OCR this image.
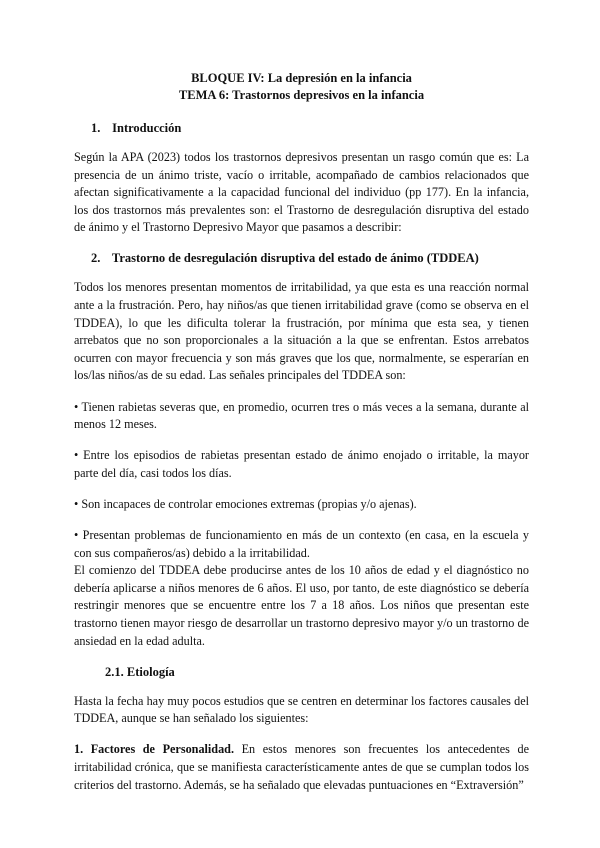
BLOQUE IV: La depresión en la infancia
TEMA 6: Trastornos depresivos en la infancia
1. Introducción
Según la APA (2023) todos los trastornos depresivos presentan un rasgo común que es: La presencia de un ánimo triste, vacío o irritable, acompañado de cambios relacionados que afectan significativamente a la capacidad funcional del individuo (pp 177). En la infancia, los dos trastornos más prevalentes son: el Trastorno de desregulación disruptiva del estado de ánimo y el Trastorno Depresivo Mayor que pasamos a describir:
2. Trastorno de desregulación disruptiva del estado de ánimo (TDDEA)
Todos los menores presentan momentos de irritabilidad, ya que esta es una reacción normal ante a la frustración. Pero, hay niños/as que tienen irritabilidad grave (como se observa en el TDDEA), lo que les dificulta tolerar la frustración, por mínima que esta sea, y tienen arrebatos que no son proporcionales a la situación a la que se enfrentan. Estos arrebatos ocurren con mayor frecuencia y son más graves que los que, normalmente, se esperarían en los/las niños/as de su edad. Las señales principales del TDDEA son:
• Tienen rabietas severas que, en promedio, ocurren tres o más veces a la semana, durante al menos 12 meses.
• Entre los episodios de rabietas presentan estado de ánimo enojado o irritable, la mayor parte del día, casi todos los días.
• Son incapaces de controlar emociones extremas (propias y/o ajenas).
• Presentan problemas de funcionamiento en más de un contexto (en casa, en la escuela y con sus compañeros/as) debido a la irritabilidad.
El comienzo del TDDEA debe producirse antes de los 10 años de edad y el diagnóstico no debería aplicarse a niños menores de 6 años. El uso, por tanto, de este diagnóstico se debería restringir menores que se encuentre entre los 7 a 18 años. Los niños que presentan este trastorno tienen mayor riesgo de desarrollar un trastorno depresivo mayor y/o un trastorno de ansiedad en la edad adulta.
2.1. Etiología
Hasta la fecha hay muy pocos estudios que se centren en determinar los factores causales del TDDEA, aunque se han señalado los siguientes:
1. Factores de Personalidad. En estos menores son frecuentes los antecedentes de irritabilidad crónica, que se manifiesta característicamente antes de que se cumplan todos los criterios del trastorno. Además, se ha señalado que elevadas puntuaciones en “Extraversión”
